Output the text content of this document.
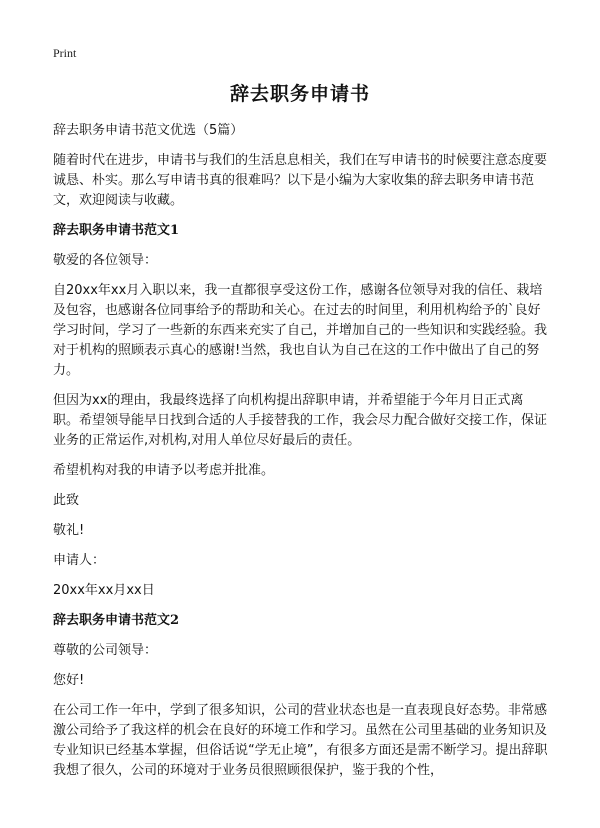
Print
辞去职务申请书

辞去职务申请书范文优选（5篇）

随着时代在进步，申请书与我们的生活息息相关，我们在写申请书的时候要注意态度要诚恳、朴实。那么写申请书真的很难吗？以下是小编为大家收集的辞去职务申请书范文，欢迎阅读与收藏。

辞去职务申请书范文1

敬爱的各位领导：

自20xx年xx月入职以来，我一直都很享受这份工作，感谢各位领导对我的信任、栽培及包容，也感谢各位同事给予的帮助和关心。在过去的时间里，利用机构给予的`良好学习时间，学习了一些新的东西来充实了自己，并增加自己的一些知识和实践经验。我对于机构的照顾表示真心的感谢!当然，我也自认为自己在这的工作中做出了自己的努力。

但因为xx的理由，我最终选择了向机构提出辞职申请，并希望能于今年月日正式离职。希望领导能早日找到合适的人手接替我的工作，我会尽力配合做好交接工作，保证业务的正常运作,对机构,对用人单位尽好最后的责任。

希望机构对我的申请予以考虑并批准。

此致

敬礼!

申请人：

20xx年xx月xx日

辞去职务申请书范文2

尊敬的公司领导：

您好!

在公司工作一年中，学到了很多知识，公司的营业状态也是一直表现良好态势。非常感激公司给予了我这样的机会在良好的环境工作和学习。虽然在公司里基础的业务知识及专业知识已经基本掌握，但俗话说“学无止境”，有很多方面还是需不断学习。提出辞职我想了很久，公司的环境对于业务员很照顾很保护，鉴于我的个性，
